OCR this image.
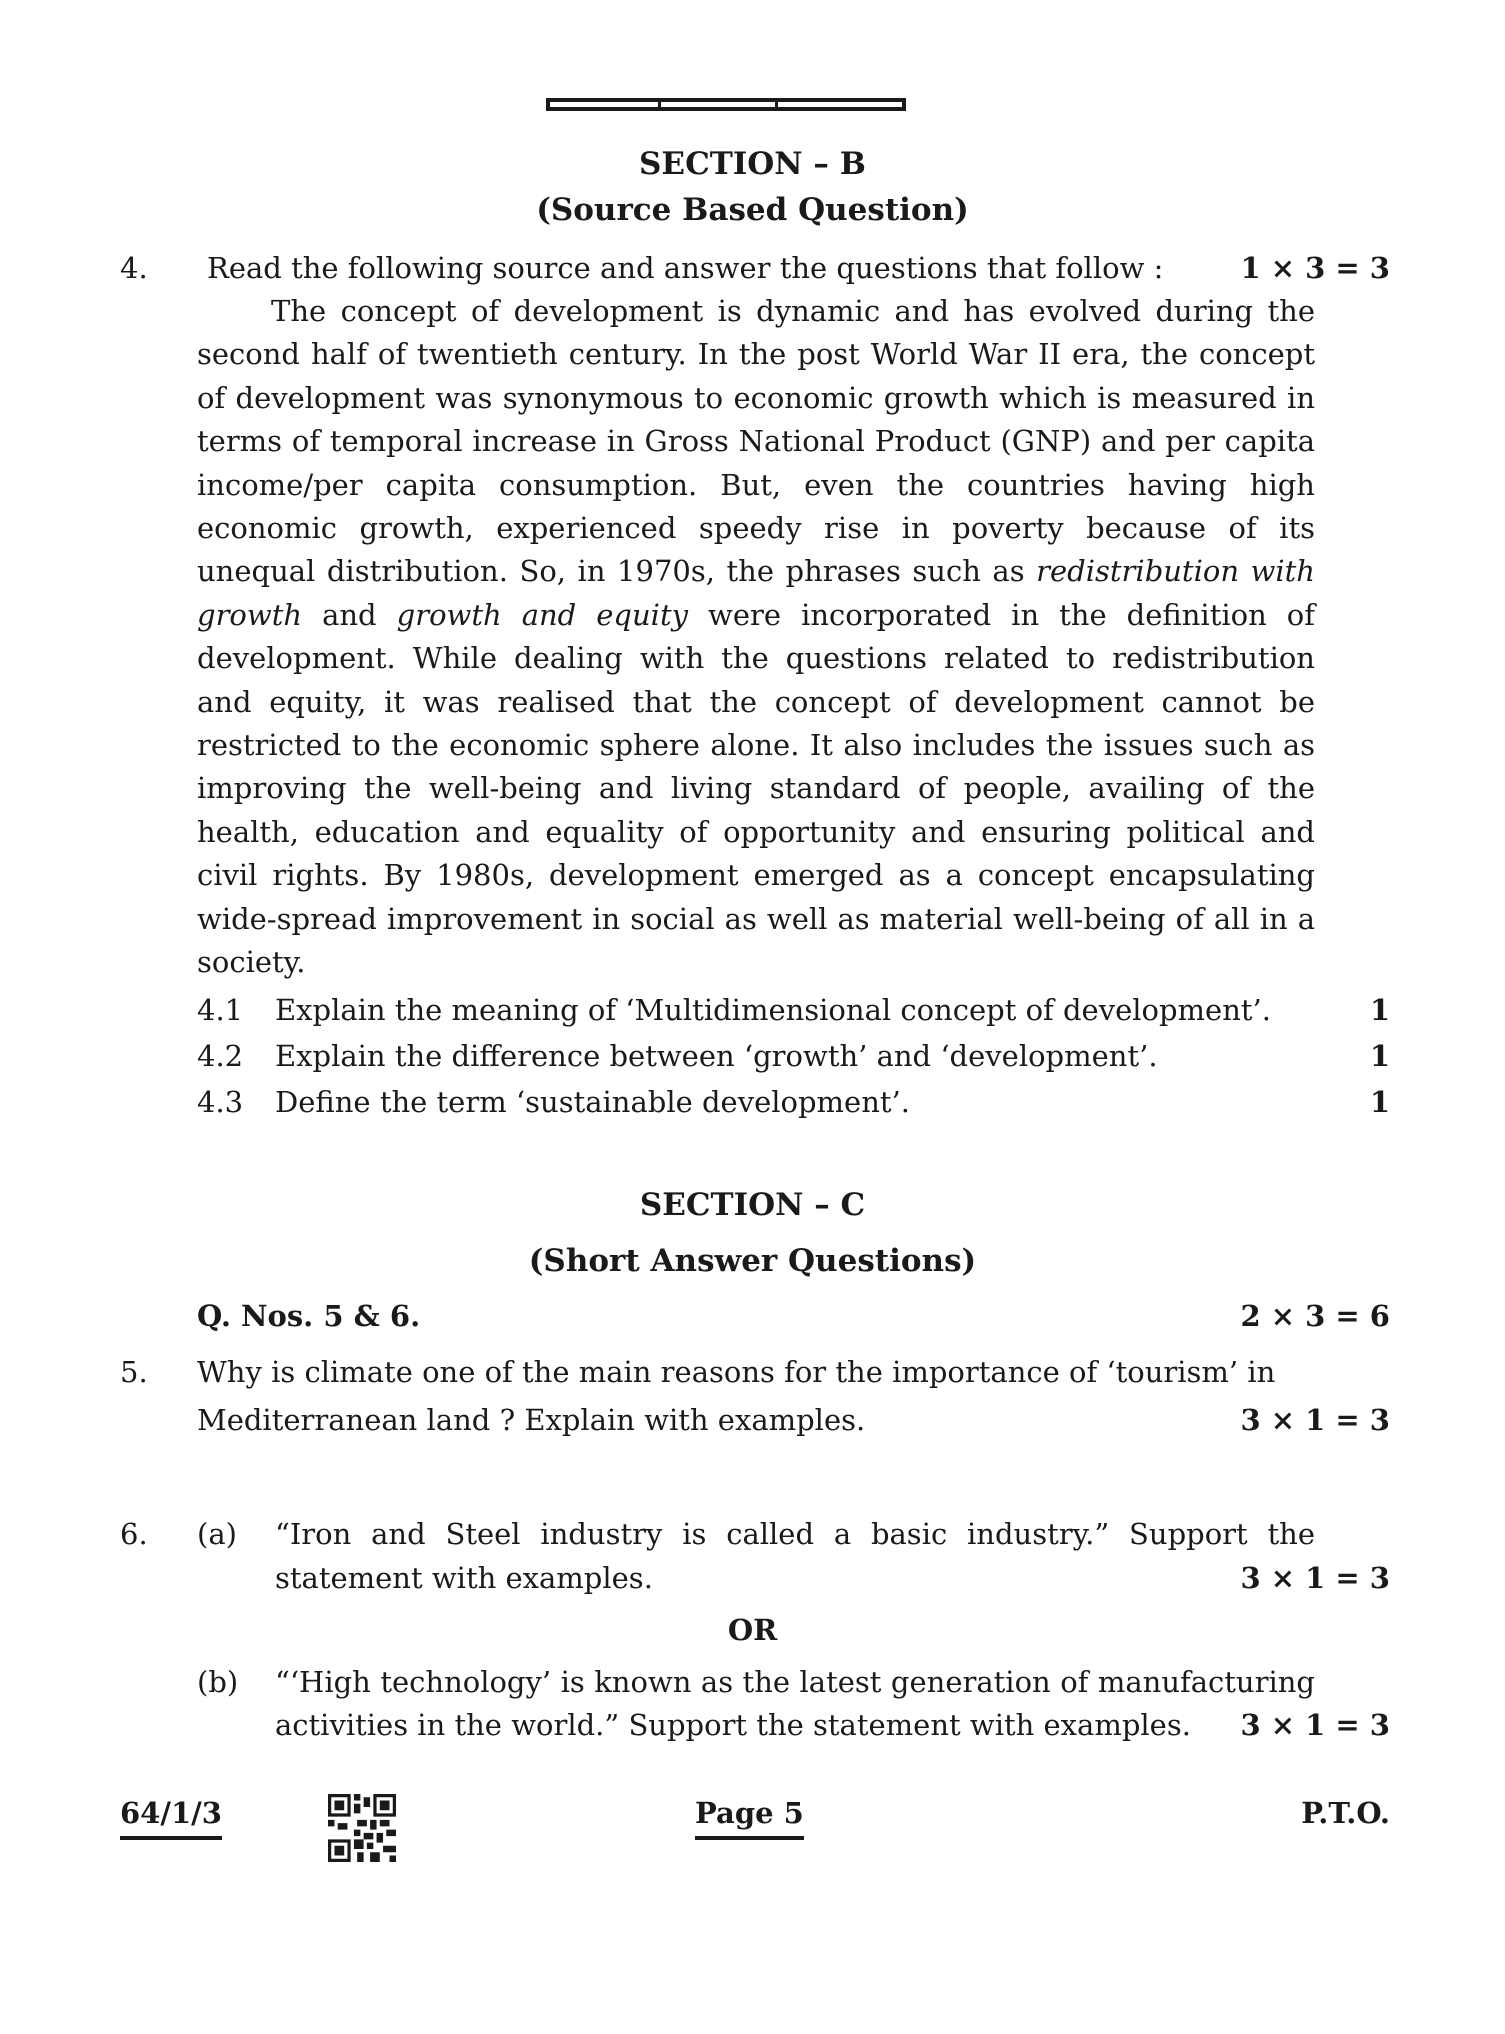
SECTION – B
(Source Based Question)
4. Read the following source and answer the questions that follow :	1 × 3 = 3
The concept of development is dynamic and has evolved during the second half of twentieth century. In the post World War II era, the concept of development was synonymous to economic growth which is measured in terms of temporal increase in Gross National Product (GNP) and per capita income/per capita consumption. But, even the countries having high economic growth, experienced speedy rise in poverty because of its unequal distribution. So, in 1970s, the phrases such as redistribution with growth and growth and equity were incorporated in the definition of development. While dealing with the questions related to redistribution and equity, it was realised that the concept of development cannot be restricted to the economic sphere alone. It also includes the issues such as improving the well-being and living standard of people, availing of the health, education and equality of opportunity and ensuring political and civil rights. By 1980s, development emerged as a concept encapsulating wide-spread improvement in social as well as material well-being of all in a society.
4.1 Explain the meaning of ‘Multidimensional concept of development’.	1
4.2 Explain the difference between ‘growth’ and ‘development’.	1
4.3 Define the term ‘sustainable development’.	1
SECTION – C
(Short Answer Questions)
Q. Nos. 5 & 6.	2 × 3 = 6
5. Why is climate one of the main reasons for the importance of ‘tourism’ in
Mediterranean land ? Explain with examples.	3 × 1 = 3
6. (a) “Iron and Steel industry is called a basic industry.” Support the
statement with examples.	3 × 1 = 3
OR
(b) “‘High technology’ is known as the latest generation of manufacturing
activities in the world.” Support the statement with examples. 3 × 1 = 3
64/1/3	Page 5	P.T.O.
